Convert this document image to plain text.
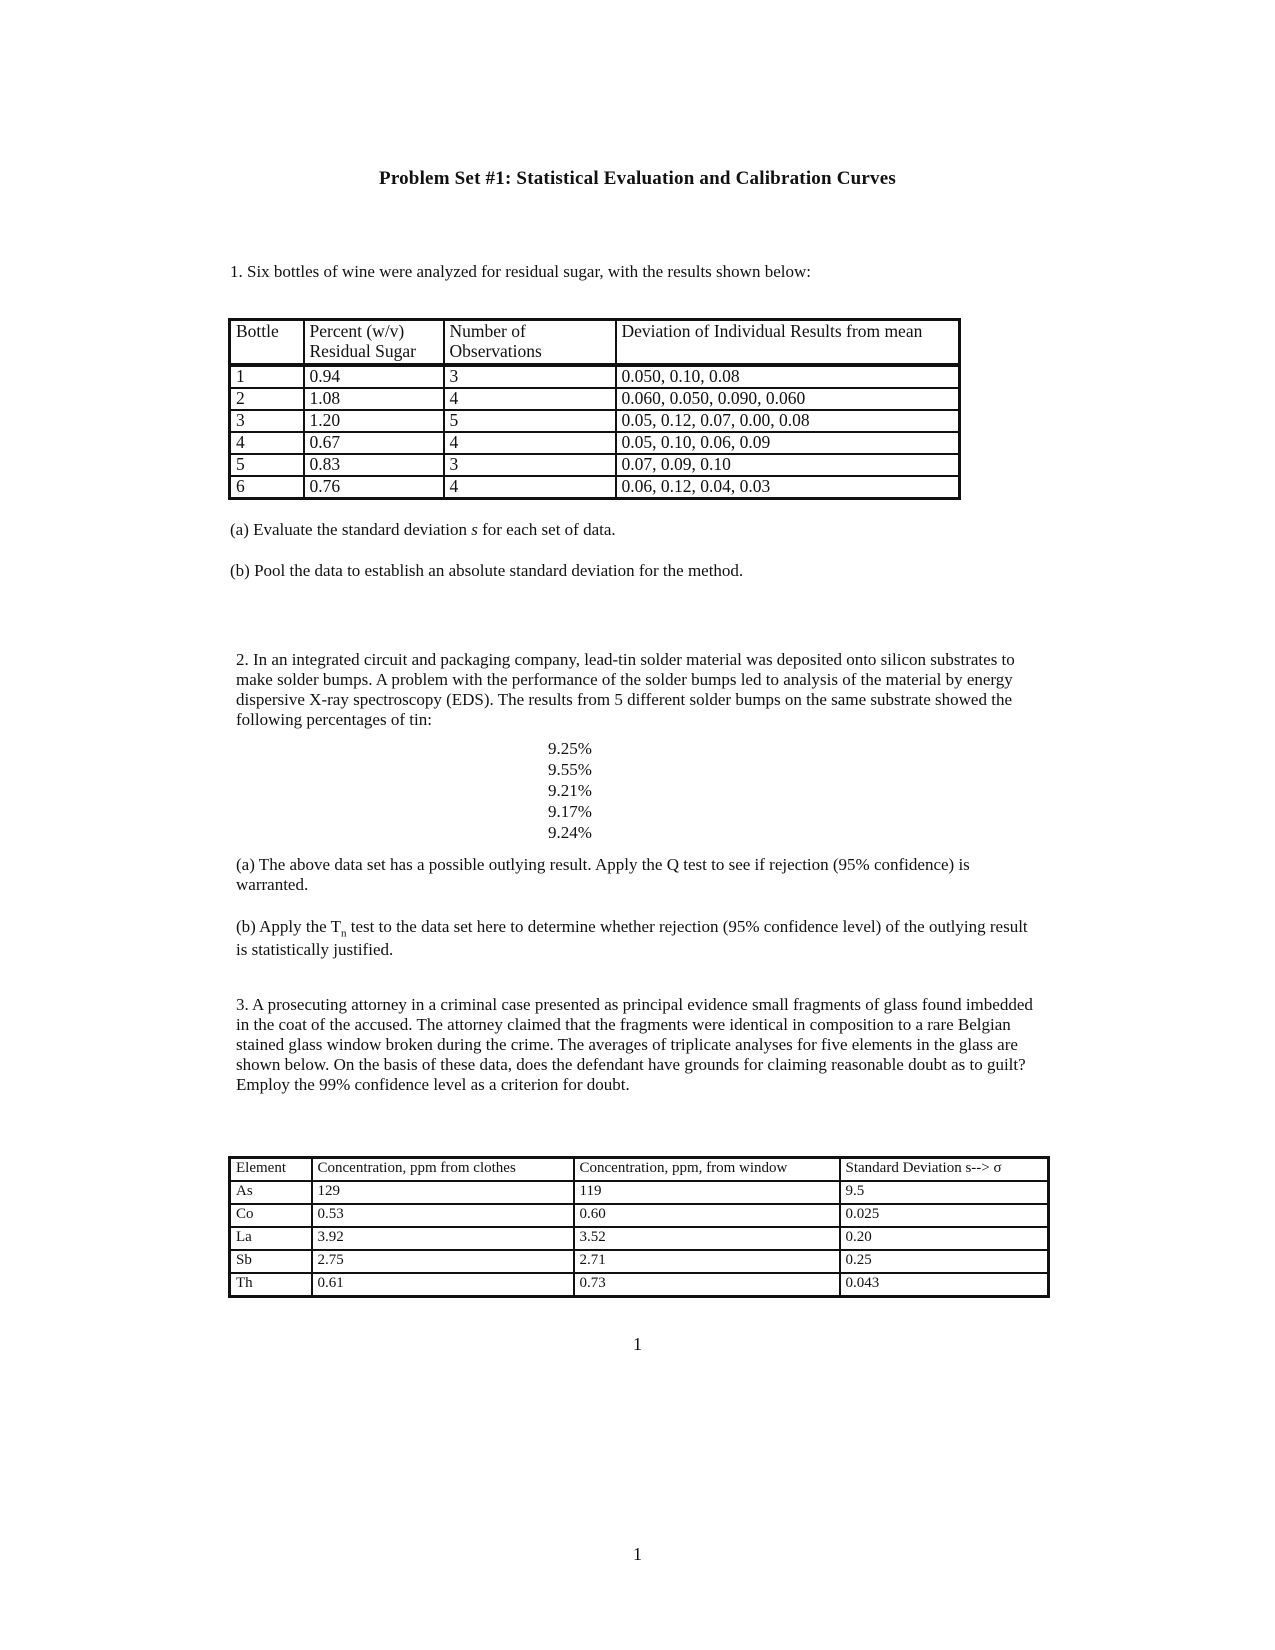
Problem Set #1: Statistical Evaluation and Calibration Curves

1. Six bottles of wine were analyzed for residual sugar, with the results shown below:

Bottle	Percent (w/v) Residual Sugar	Number of Observations	Deviation of Individual Results from mean
1	0.94	3	0.050, 0.10, 0.08
2	1.08	4	0.060, 0.050, 0.090, 0.060
3	1.20	5	0.05, 0.12, 0.07, 0.00, 0.08
4	0.67	4	0.05, 0.10, 0.06, 0.09
5	0.83	3	0.07, 0.09, 0.10
6	0.76	4	0.06, 0.12, 0.04, 0.03

(a) Evaluate the standard deviation s for each set of data.

(b) Pool the data to establish an absolute standard deviation for the method.

2. In an integrated circuit and packaging company, lead-tin solder material was deposited onto silicon substrates to make solder bumps. A problem with the performance of the solder bumps led to analysis of the material by energy dispersive X-ray spectroscopy (EDS). The results from 5 different solder bumps on the same substrate showed the following percentages of tin:

9.25%
9.55%
9.21%
9.17%
9.24%

(a) The above data set has a possible outlying result. Apply the Q test to see if rejection (95% confidence) is warranted.

(b) Apply the $T_n$ test to the data set here to determine whether rejection (95% confidence level) of the outlying result is statistically justified.

3. A prosecuting attorney in a criminal case presented as principal evidence small fragments of glass found imbedded in the coat of the accused. The attorney claimed that the fragments were identical in composition to a rare Belgian stained glass window broken during the crime. The averages of triplicate analyses for five elements in the glass are shown below. On the basis of these data, does the defendant have grounds for claiming reasonable doubt as to guilt? Employ the 99% confidence level as a criterion for doubt.

Element	Concentration, ppm from clothes	Concentration, ppm, from window	Standard Deviation s--> σ
As	129	119	9.5
Co	0.53	0.60	0.025
La	3.92	3.52	0.20
Sb	2.75	2.71	0.25
Th	0.61	0.73	0.043
1
1
